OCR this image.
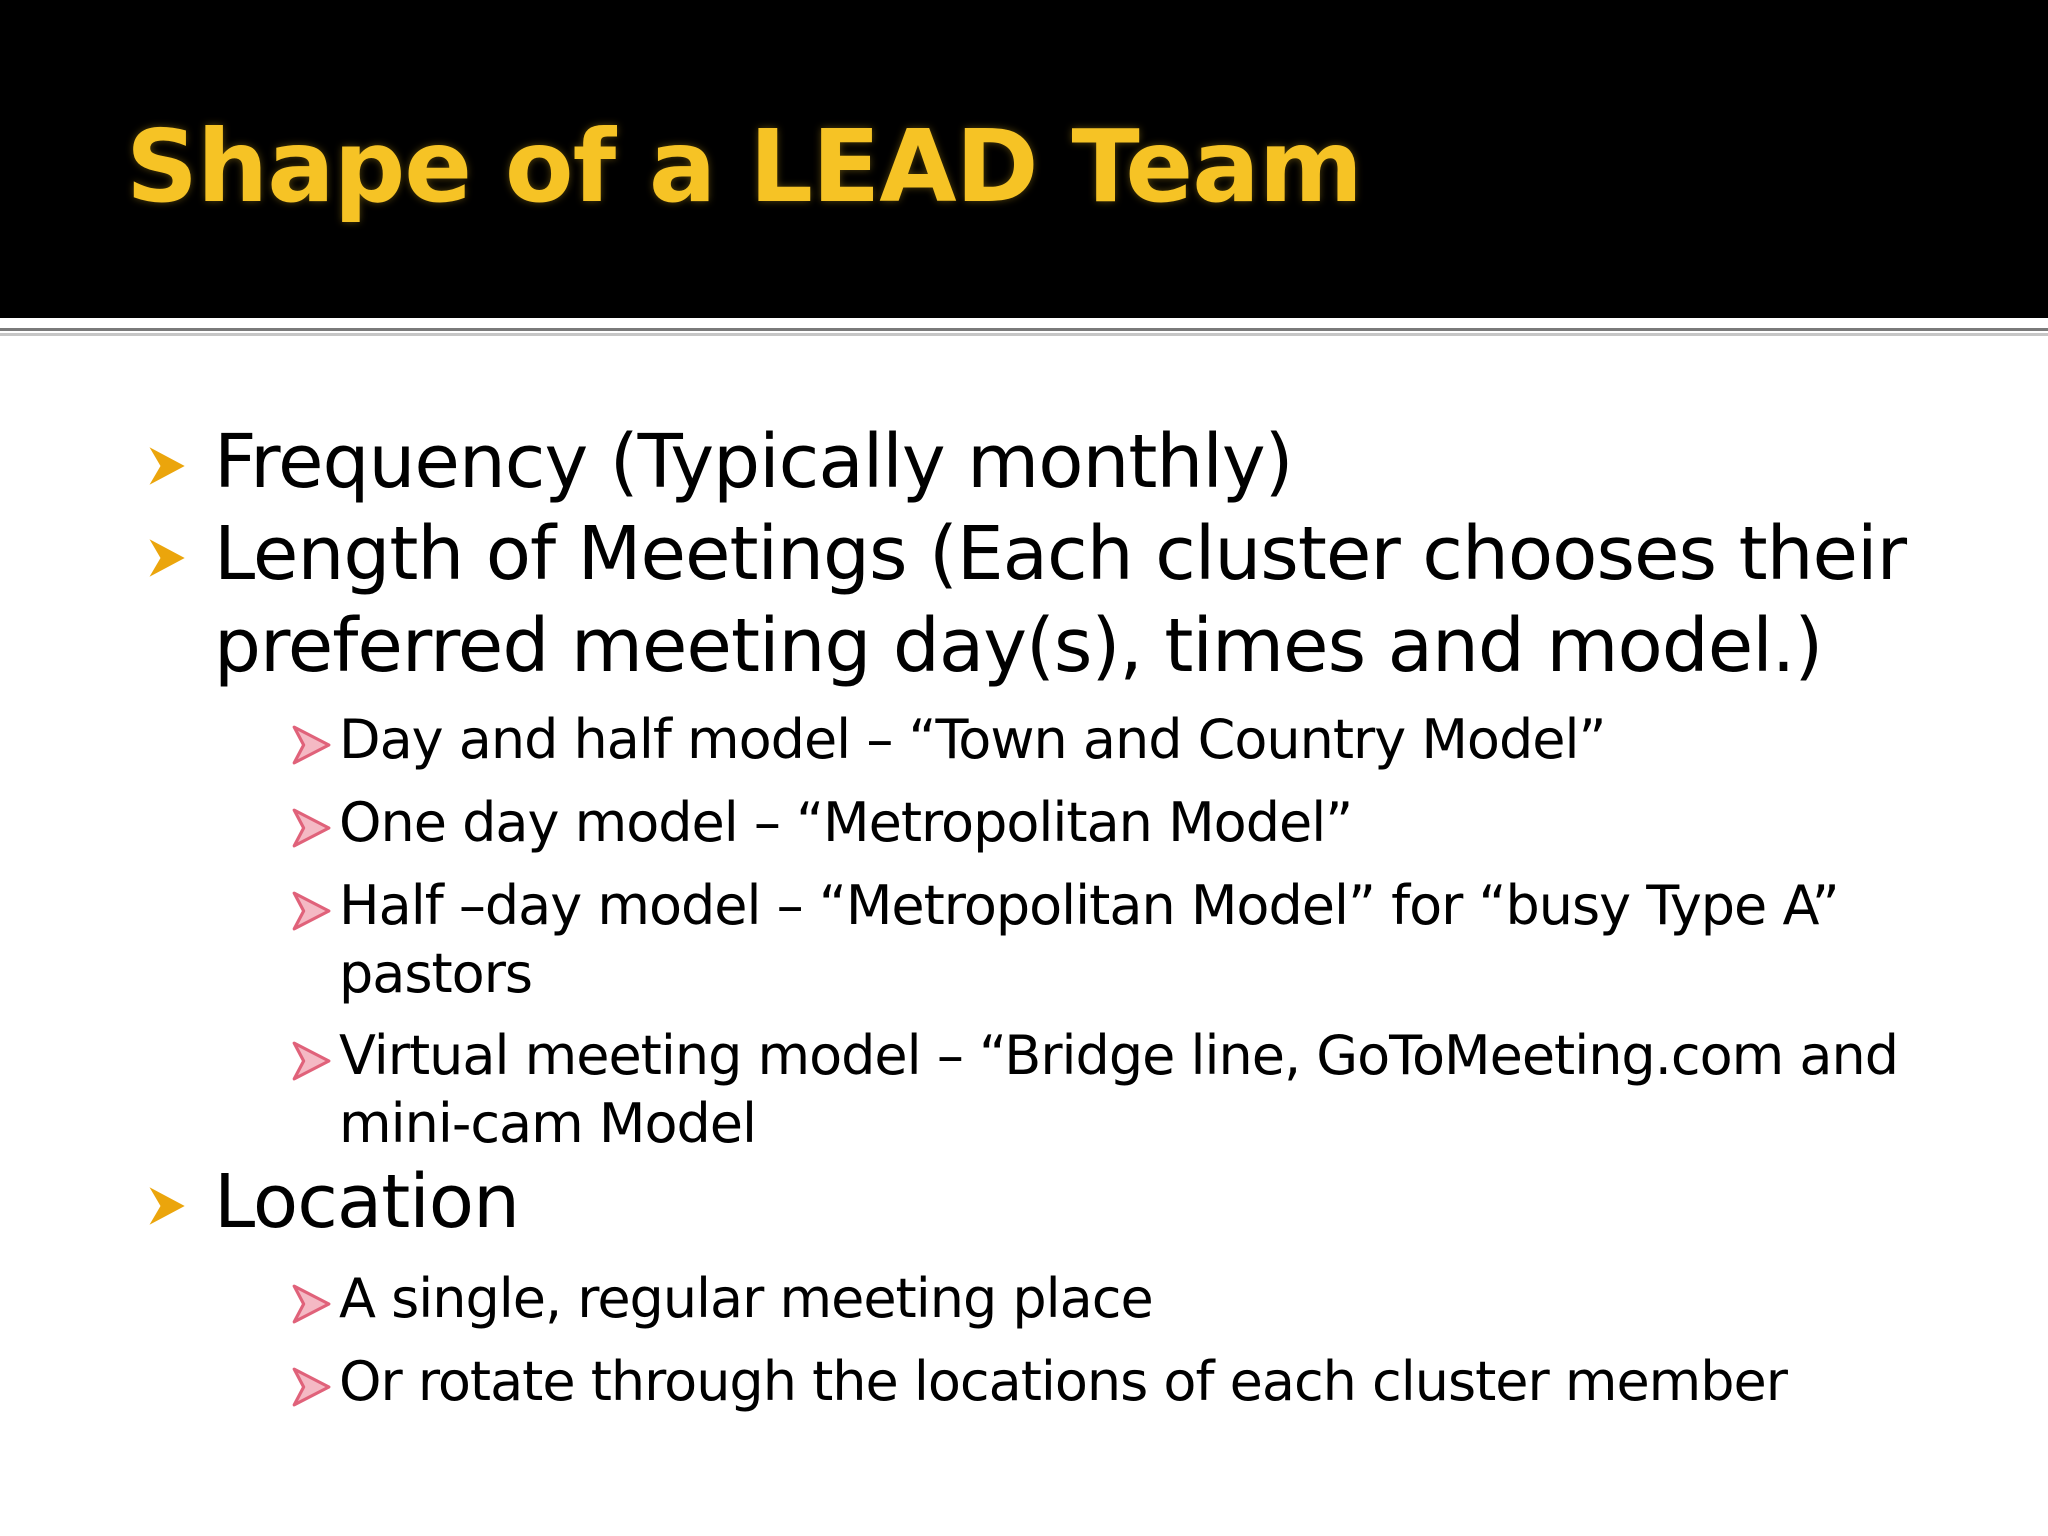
Shape of a LEAD Team
Frequency (Typically monthly)
Length of Meetings (Each cluster chooses their
preferred meeting day(s), times and model.)
Day and half model – “Town and Country Model”
One day model – “Metropolitan Model”
Half –day model – “Metropolitan Model” for “busy Type A”
pastors
Virtual meeting model – “Bridge line, GoToMeeting.com and
mini-cam Model
Location
A single, regular meeting place
Or rotate through the locations of each cluster member
